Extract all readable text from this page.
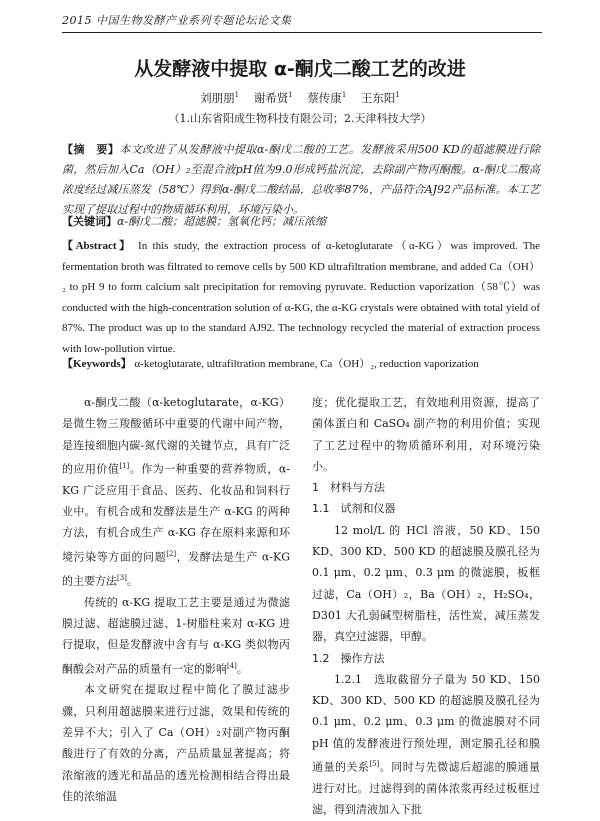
2015 中国生物发酵产业系列专题论坛论文集
从发酵液中提取 α-酮戊二酸工艺的改进
刘朋朋$^1$ 谢希贤$^1$ 蔡传康$^1$ 王东阳$^1$
（1.山东省阳成生物科技有限公司；2.天津科技大学）
【摘　要】本文改进了从发酵液中提取α-酮戊二酸的工艺。发酵液采用500 KD的超滤膜进行除菌，然后加入Ca（OH）₂至混合液pH值为9.0形成钙盐沉淀，去除副产物丙酮酸。α-酮戊二酸高浓度经过减压蒸发（58℃）得到α-酮戊二酸结晶，总收率87%，产品符合AJ92产品标准。本工艺实现了提取过程中的物质循环利用，环境污染小。
【关键词】α-酮戊二酸；超滤膜；氢氧化钙；减压浓缩
【Abstract】 In this study, the extraction process of α-ketoglutarate（α-KG）was improved. The fermentation broth was filtrated to remove cells by 500 KD ultrafiltration membrane, and added Ca（OH）₂ to pH 9 to form calcium salt precipitation for removing pyruvate. Reduction vaporization（58℃）was conducted with the high-concentration solution of α-KG, the α-KG crystals were obtained with total yield of 87%. The product was up to the standard AJ92. The technology recycled the material of extraction process with low-pollution virtue.
【Keywords】 α-ketoglutarate, ultrafiltration membrane, Ca（OH）₂, reduction vaporization

α-酮戊二酸（α-ketoglutarate，α-KG）是微生物三羧酸循环中重要的代谢中间产物，是连接细胞内碳-氮代谢的关键节点，具有广泛的应用价值[1]。作为一种重要的营养物质，α-KG 广泛应用于食品、医药、化妆品和饲料行业中。有机合成和发酵法是生产 α-KG 的两种方法，有机合成生产 α-KG 存在原料来源和环境污染等方面的问题[2]，发酵法是生产 α-KG 的主要方法[3]。

传统的 α-KG 提取工艺主要是通过为微滤膜过滤、超滤膜过滤、1-树脂柱来对 α-KG 进行提取，但是发酵液中含有与 α-KG 类似物丙酮酸会对产品的质量有一定的影响[4]。

本文研究在提取过程中简化了膜过滤步骤，只利用超滤膜来进行过滤，效果和传统的差异不大；引入了 Ca（OH）₂对副产物丙酮酸进行了有效的分离，产品质量显著提高；将浓缩液的透光和晶品的透光检测相结合得出最佳的浓缩温

度；优化提取工艺，有效地利用资源，提高了菌体蛋白和 CaSO₄ 副产物的利用价值；实现了工艺过程中的物质循环利用，对环境污染小。

1　材料与方法

1.1　试剂和仪器

12 mol/L 的 HCl 溶液，50 KD、150 KD、300 KD、500 KD 的超滤膜及膜孔径为 0.1 μm、0.2 μm、0.3 μm 的微滤膜，板框过滤，Ca（OH）₂，Ba（OH）₂，H₂SO₄，D301 大孔弱碱型树脂柱，活性炭，减压蒸发器，真空过滤器，甲醇。

1.2　操作方法

1.2.1　选取截留分子量为 50 KD、150 KD、300 KD、500 KD 的超滤膜及膜孔径为 0.1 μm、0.2 μm、0.3 μm 的微滤膜对不同 pH 值的发酵液进行预处理，测定膜孔径和膜通量的关系[5]。同时与先微滤后超滤的膜通量进行对比。过滤得到的菌体浓浆再经过板框过滤，得到清液加入下批
